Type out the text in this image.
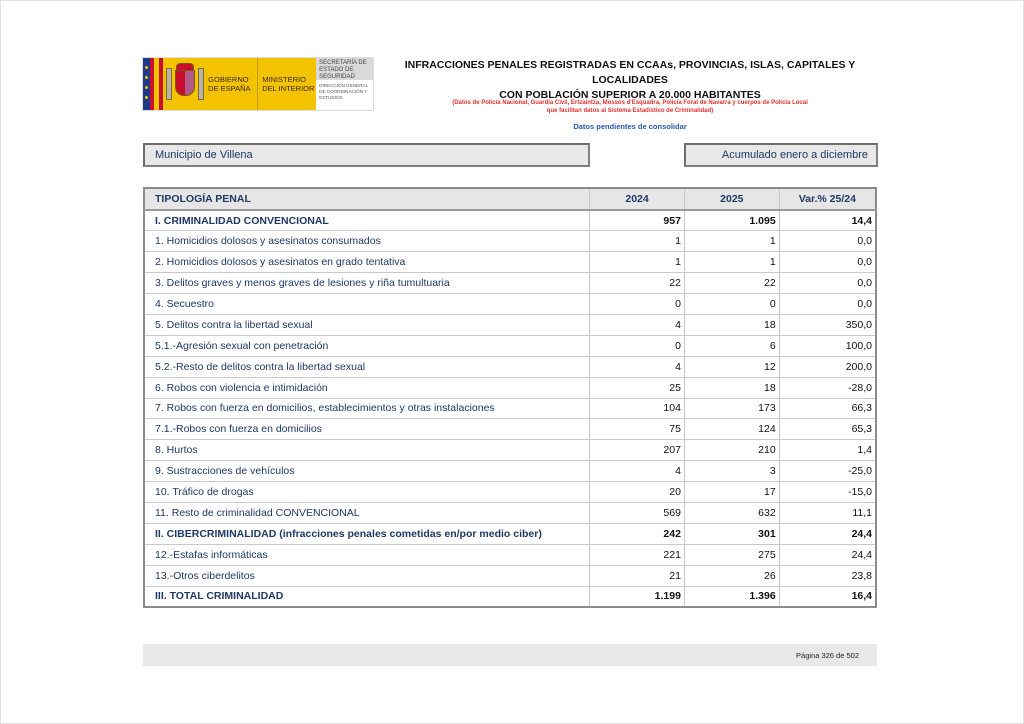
GOBIERNO DE ESPAÑA
MINISTERIO DEL INTERIOR
SECRETARÍA DE ESTADO DE SEGURIDAD
DIRECCIÓN GENERAL DE COORDINACIÓN Y ESTUDIOS
INFRACCIONES PENALES REGISTRADAS EN CCAAs, PROVINCIAS, ISLAS, CAPITALES Y LOCALIDADES
CON POBLACIÓN SUPERIOR A 20.000 HABITANTES
(Datos de Policía Nacional, Guardia Civil, Ertzaintza, Mossos d'Esquadra, Policía Foral de Navarra y cuerpos de Policía Local
que facilitan datos al Sistema Estadístico de Criminalidad)
Datos pendientes de consolidar
Municipio de Villena	Acumulado enero a diciembre
TIPOLOGÍA PENAL	2024	2025	Var.% 25/24
I. CRIMINALIDAD CONVENCIONAL	957	1.095	14,4
1. Homicidios dolosos y asesinatos consumados	1	1	0,0
2. Homicidios dolosos y asesinatos en grado tentativa	1	1	0,0
3. Delitos graves y menos graves de lesiones y riña tumultuaria	22	22	0,0
4. Secuestro	0	0	0,0
5. Delitos contra la libertad sexual	4	18	350,0
5.1.-Agresión sexual con penetración	0	6	100,0
5.2.-Resto de delitos contra la libertad sexual	4	12	200,0
6. Robos con violencia e intimidación	25	18	-28,0
7. Robos con fuerza en domicilios, establecimientos y otras instalaciones	104	173	66,3
7.1.-Robos con fuerza en domicilios	75	124	65,3
8. Hurtos	207	210	1,4
9. Sustracciones de vehículos	4	3	-25,0
10. Tráfico de drogas	20	17	-15,0
11. Resto de criminalidad CONVENCIONAL	569	632	11,1
II. CIBERCRIMINALIDAD (infracciones penales cometidas en/por medio ciber)	242	301	24,4
12.-Estafas informáticas	221	275	24,4
13.-Otros ciberdelitos	21	26	23,8
III. TOTAL CRIMINALIDAD	1.199	1.396	16,4
Página 326 de 502
